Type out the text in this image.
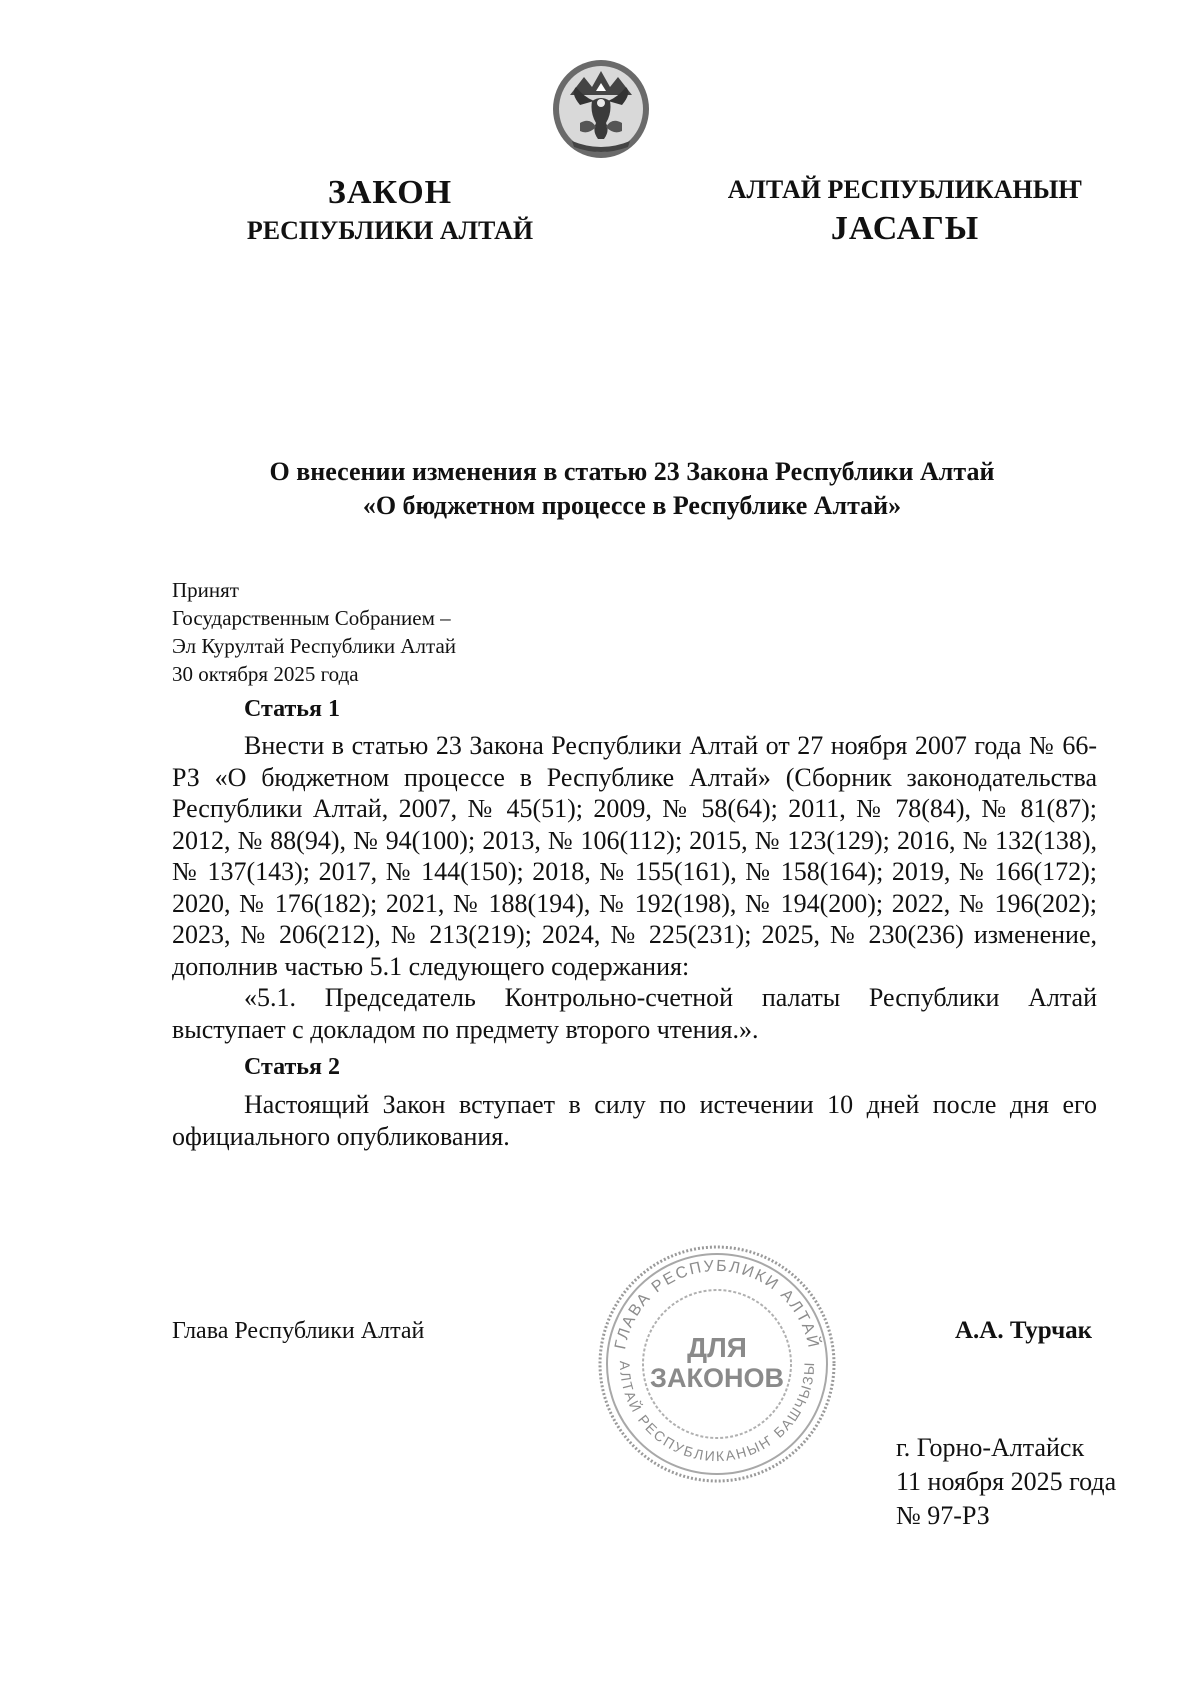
ЗАКОН
РЕСПУБЛИКИ АЛТАЙ
АЛТАЙ РЕСПУБЛИКАНЫҤ
ЈАСАГЫ
О внесении изменения в статью 23 Закона Республики Алтай
«О бюджетном процессе в Республике Алтай»
Принят
Государственным Собранием –
Эл Курултай Республики Алтай
30 октября 2025 года
Статья 1

Внести в статью 23 Закона Республики Алтай от 27 ноября 2007 года № 66-РЗ «О бюджетном процессе в Республике Алтай» (Сборник законодательства Республики Алтай, 2007, № 45(51); 2009, № 58(64); 2011, № 78(84), № 81(87); 2012, № 88(94), № 94(100); 2013, № 106(112); 2015, № 123(129); 2016, № 132(138), № 137(143); 2017, № 144(150); 2018, № 155(161), № 158(164); 2019, № 166(172); 2020, № 176(182); 2021, № 188(194), № 192(198), № 194(200); 2022, № 196(202); 2023, № 206(212), № 213(219); 2024, № 225(231); 2025, № 230(236) изменение, дополнив частью 5.1 следующего содержания:

«5.1. Председатель Контрольно-счетной палаты Республики Алтай выступает с докладом по предмету второго чтения.».

Статья 2

Настоящий Закон вступает в силу по истечении 10 дней после дня его официального опубликования.

Глава Республики Алтай	А.А. Турчак
ГЛАВА РЕСПУБЛИКИ АЛТАЙ
АЛТАЙ РЕСПУБЛИКАНЫҤ БАШЧЫЗЫ
ДЛЯ
ЗАКОНОВ
г. Горно-Алтайск
11 ноября 2025 года
№ 97-РЗ
